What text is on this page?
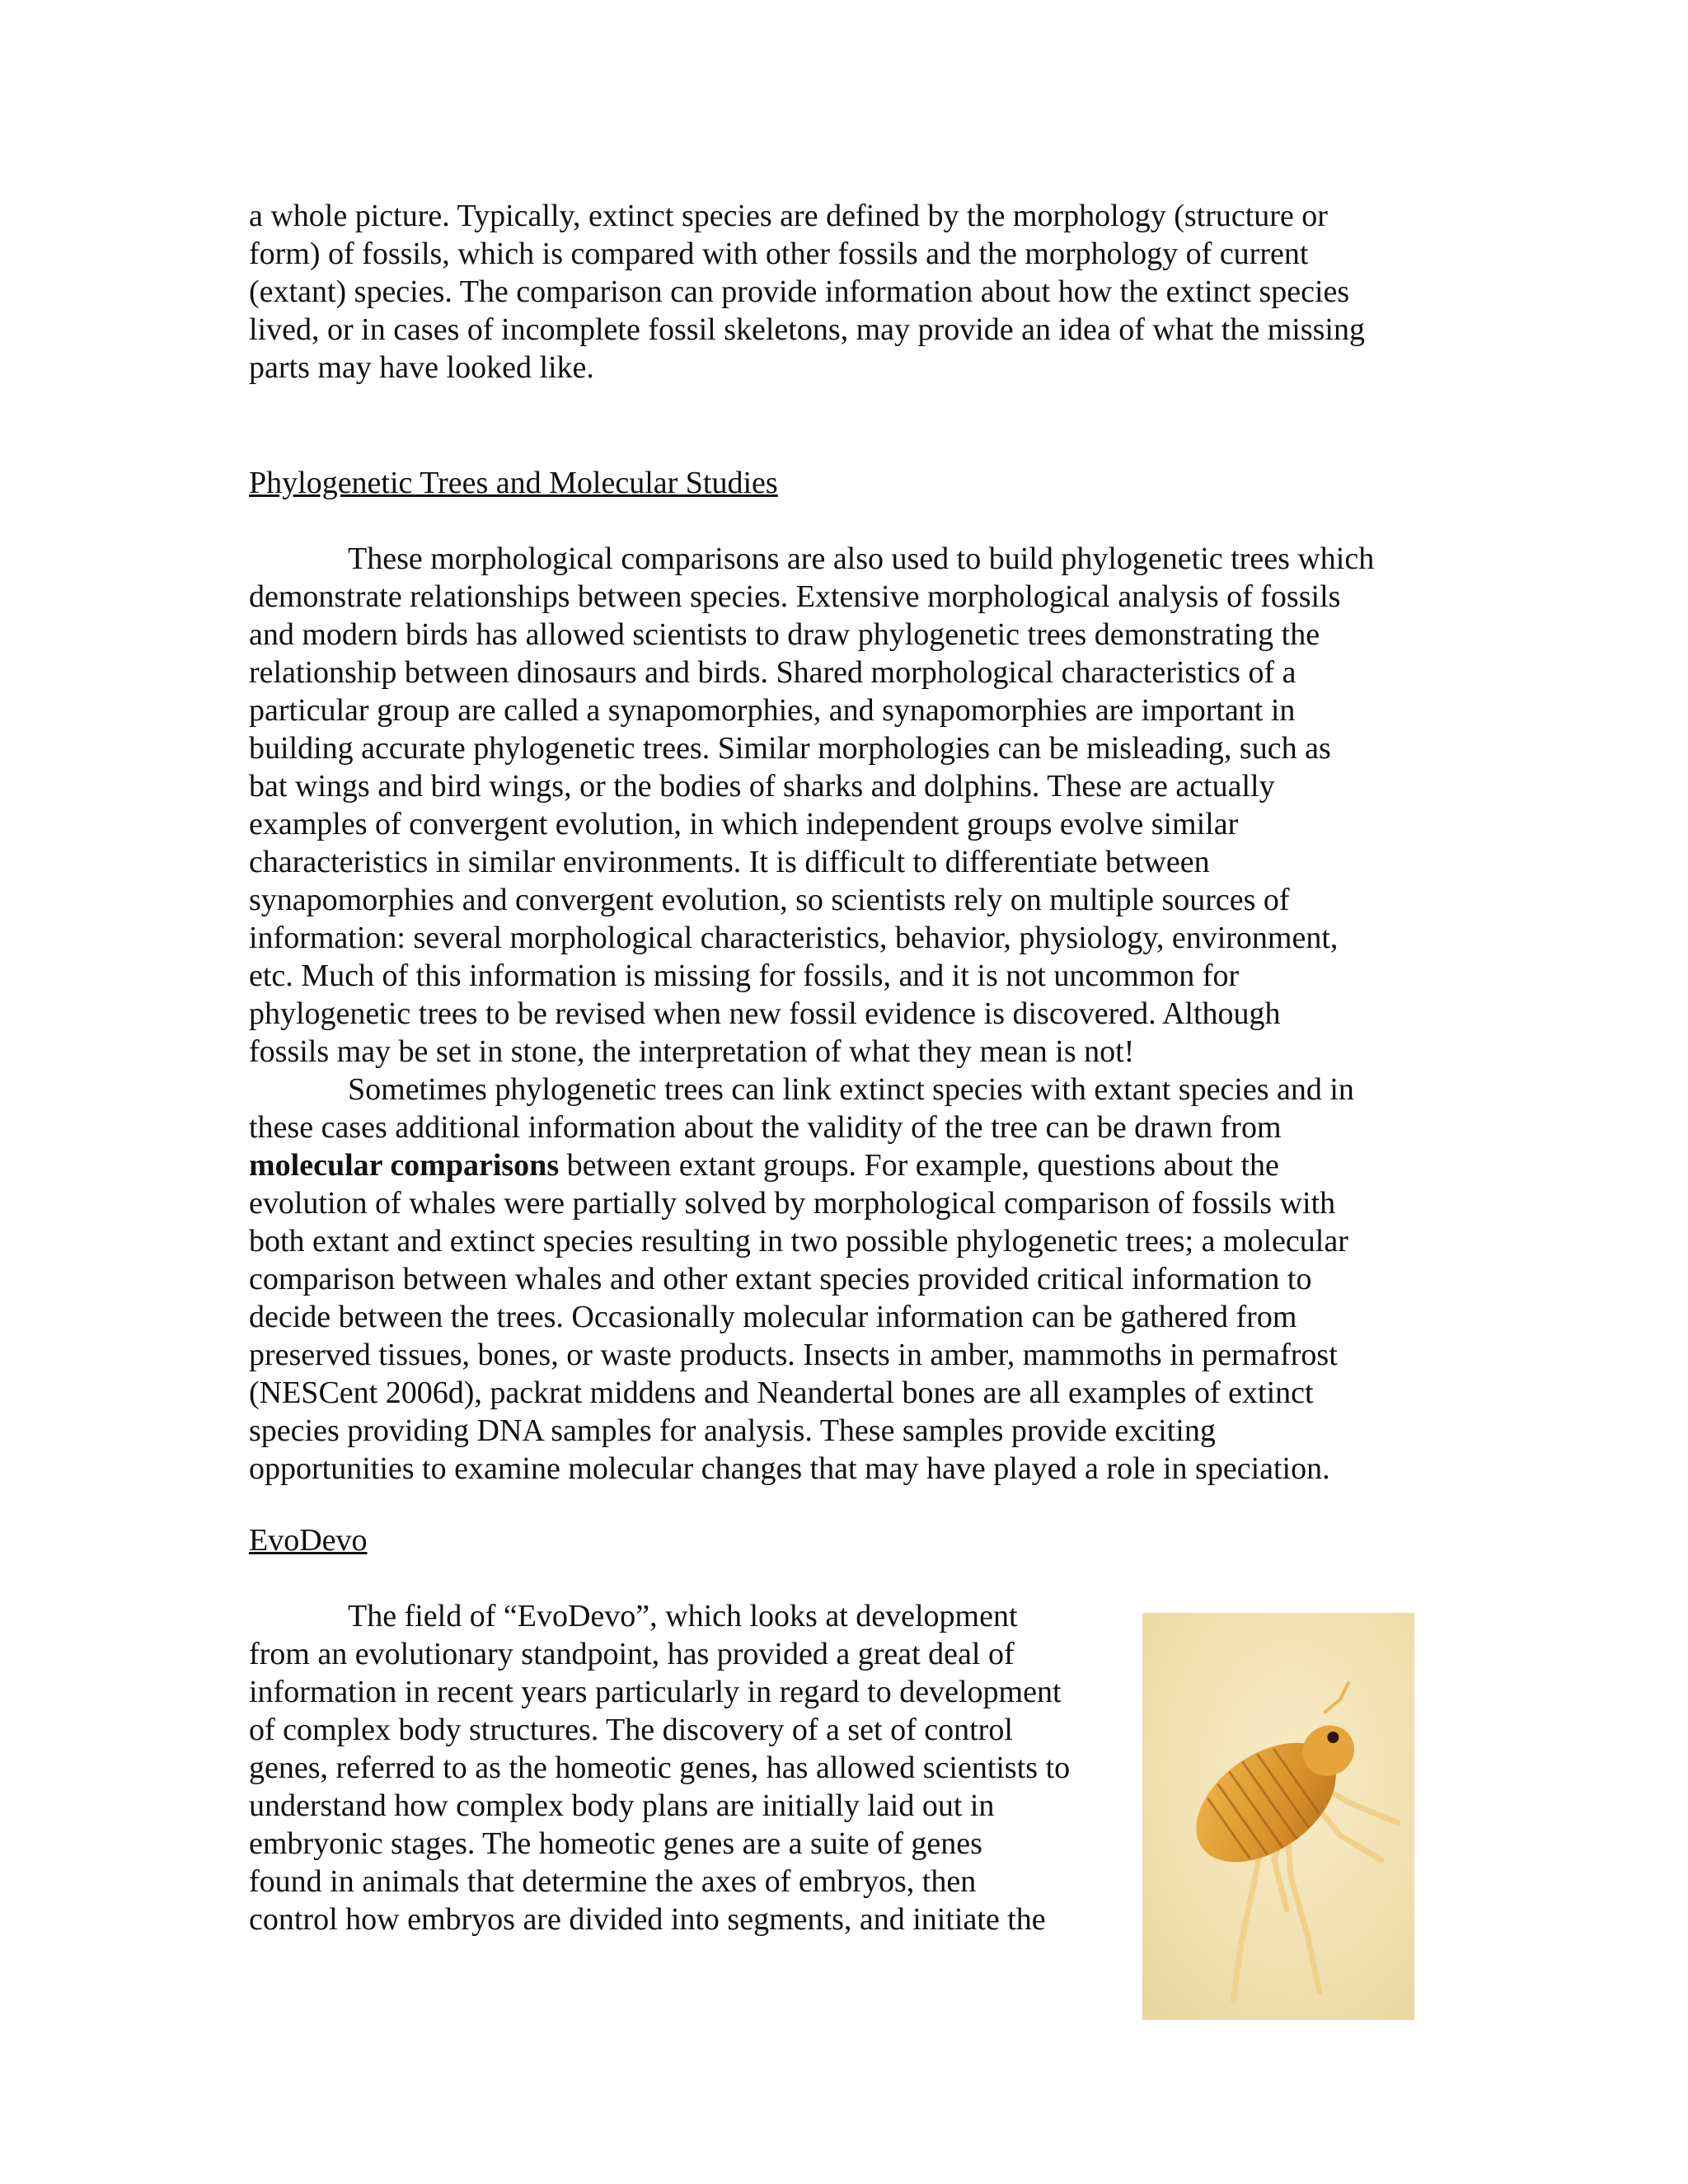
a whole picture. Typically, extinct species are defined by the morphology (structure or
form) of fossils, which is compared with other fossils and the morphology of current
(extant) species. The comparison can provide information about how the extinct species
lived, or in cases of incomplete fossil skeletons, may provide an idea of what the missing
parts may have looked like.
Phylogenetic Trees and Molecular Studies
These morphological comparisons are also used to build phylogenetic trees which
demonstrate relationships between species. Extensive morphological analysis of fossils
and modern birds has allowed scientists to draw phylogenetic trees demonstrating the
relationship between dinosaurs and birds. Shared morphological characteristics of a
particular group are called a synapomorphies, and synapomorphies are important in
building accurate phylogenetic trees. Similar morphologies can be misleading, such as
bat wings and bird wings, or the bodies of sharks and dolphins. These are actually
examples of convergent evolution, in which independent groups evolve similar
characteristics in similar environments. It is difficult to differentiate between
synapomorphies and convergent evolution, so scientists rely on multiple sources of
information: several morphological characteristics, behavior, physiology, environment,
etc. Much of this information is missing for fossils, and it is not uncommon for
phylogenetic trees to be revised when new fossil evidence is discovered. Although
fossils may be set in stone, the interpretation of what they mean is not!
Sometimes phylogenetic trees can link extinct species with extant species and in
these cases additional information about the validity of the tree can be drawn from
molecular comparisons between extant groups. For example, questions about the
evolution of whales were partially solved by morphological comparison of fossils with
both extant and extinct species resulting in two possible phylogenetic trees; a molecular
comparison between whales and other extant species provided critical information to
decide between the trees. Occasionally molecular information can be gathered from
preserved tissues, bones, or waste products. Insects in amber, mammoths in permafrost
(NESCent 2006d), packrat middens and Neandertal bones are all examples of extinct
species providing DNA samples for analysis. These samples provide exciting
opportunities to examine molecular changes that may have played a role in speciation.
EvoDevo
The field of “EvoDevo”, which looks at development
from an evolutionary standpoint, has provided a great deal of
information in recent years particularly in regard to development
of complex body structures. The discovery of a set of control
genes, referred to as the homeotic genes, has allowed scientists to
understand how complex body plans are initially laid out in
embryonic stages. The homeotic genes are a suite of genes
found in animals that determine the axes of embryos, then
control how embryos are divided into segments, and initiate the
